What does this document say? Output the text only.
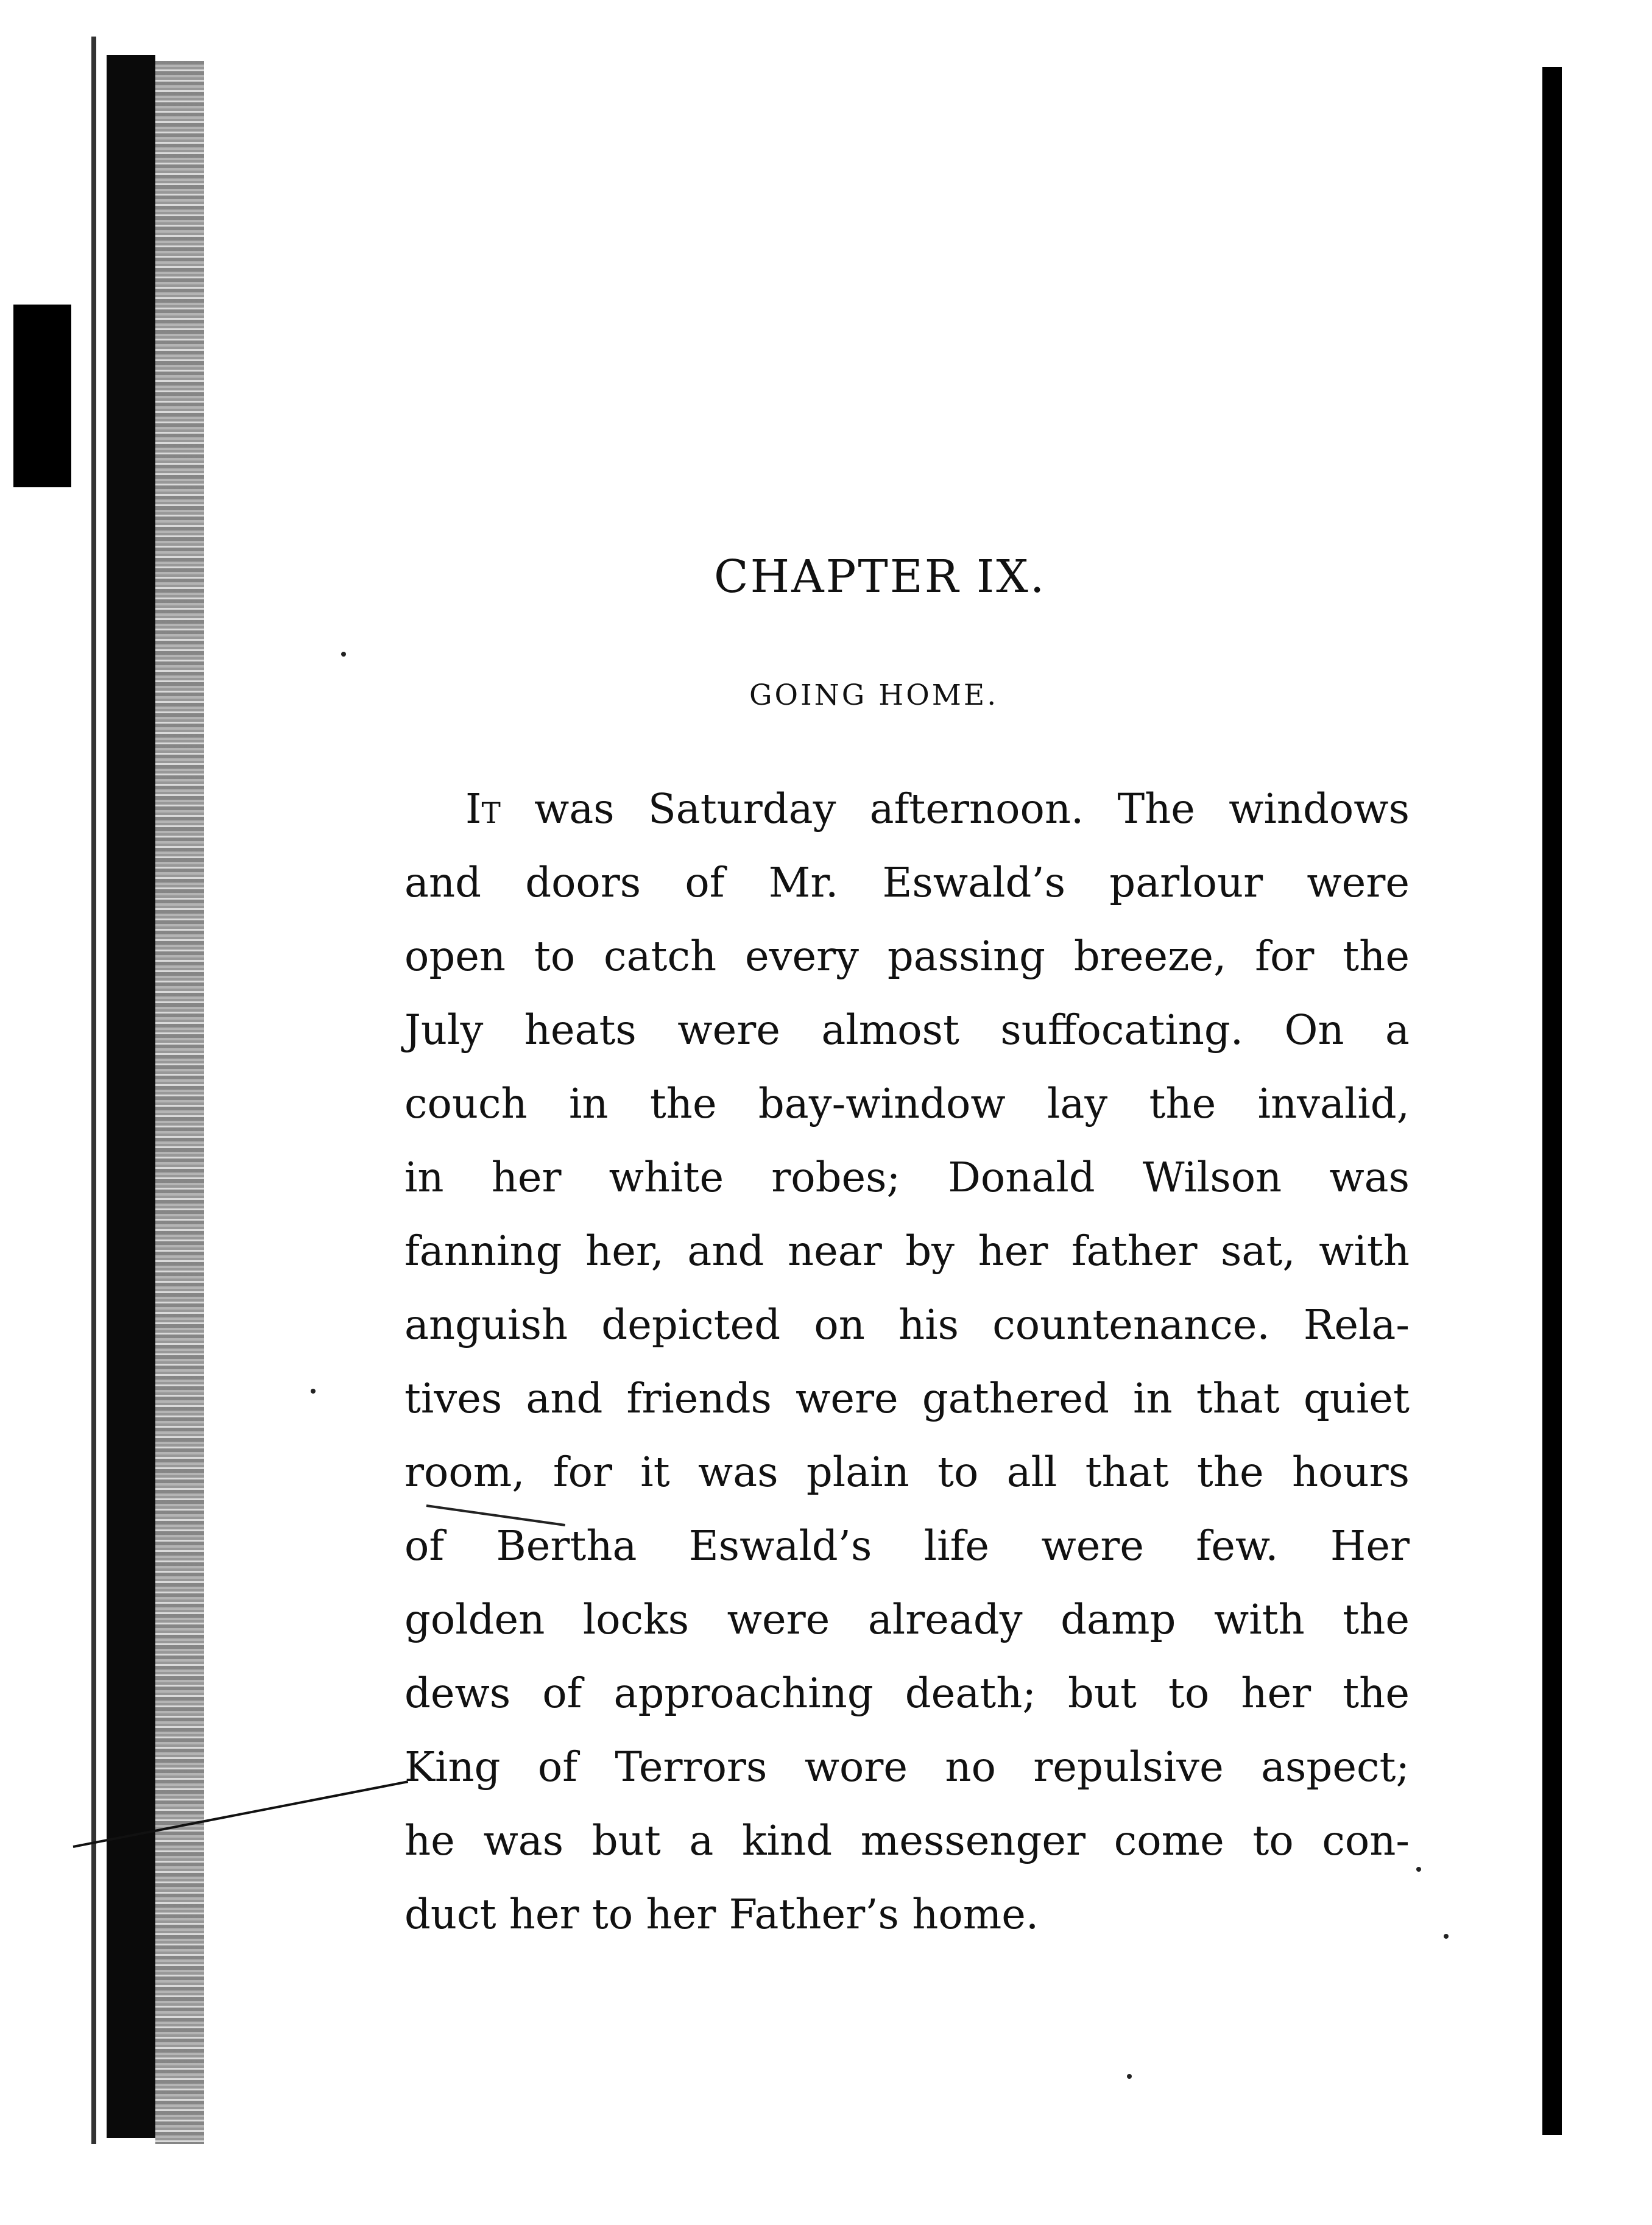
CHAPTER IX.
GOING HOME.
It was Saturday afternoon. The windows
and doors of Mr. Eswald’s parlour were
open to catch every passing breeze, for the
July heats were almost suffocating. On a
couch in the bay-window lay the invalid,
in her white robes; Donald Wilson was
fanning her, and near by her father sat, with
anguish depicted on his countenance. Rela-
tives and friends were gathered in that quiet
room, for it was plain to all that the hours
of Bertha Eswald’s life were few. Her
golden locks were already damp with the
dews of approaching death; but to her the
King of Terrors wore no repulsive aspect;
he was but a kind messenger come to con-
duct her to her Father’s home.
